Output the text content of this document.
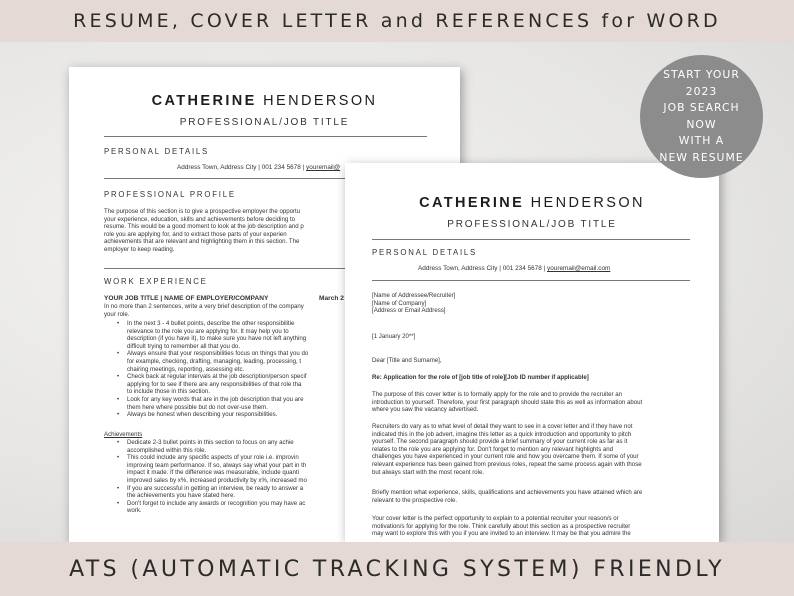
RESUME, COVER LETTER and REFERENCES for WORD
CATHERINE HENDERSON
PROFESSIONAL/JOB TITLE
PERSONAL DETAILS
Address Town, Address City | 001 234 5678 | youremail@
PROFESSIONAL PROFILE
The purpose of this section is to give a prospective employer the opportu
your experience, education, skills and achievements before deciding to
resume. This would be a good moment to look at the job description and p
role you are applying for, and to extract those parts of your experien
achievements that are relevant and highlighting them in this section. The
employer to keep reading.
WORK EXPERIENCE
YOUR JOB TITLE | NAME OF EMPLOYER/COMPANY	March 2
In no more than 2 sentences, write a very brief description of the company
your role.
• In the next 3 - 4 bullet points, describe the other responsibilitie
relevance to the role you are applying for. It may help you to
description (if you have it), to make sure you have not left anything
difficult trying to remember all that you do.
• Always ensure that your responsibilities focus on things that you do
for example, checking, drafting, managing, leading, processing, t
chairing meetings, reporting, assessing etc.
• Check back at regular intervals at the job description/person specif
applying for to see if there are any responsibilities of that role tha
to include those in this section.
• Look for any key words that are in the job description that you are
them here where possible but do not over-use them.
• Always be honest when describing your responsibilities.
Achievements
• Dedicate 2-3 bullet points in this section to focus on any achie
accomplished within this role.
• This could include any specific aspects of your role i.e. improvin
improving team performance. If so, always say what your part in th
impact it made. If the difference was measurable, include quanti
improved sales by x%, increased productivity by x%, increased mo
• If you are successful in getting an interview, be ready to answer a
the achievements you have stated here.
• Don't forget to include any awards or recognition you may have ac
work.
CATHERINE HENDERSON
PROFESSIONAL/JOB TITLE
PERSONAL DETAILS
Address Town, Address City | 001 234 5678 | youremail@email.com
[Name of Addressee/Recruiter]
[Name of Company]
[Address or Email Address]
[1 January 20**]
Dear [Title and Surname],
Re: Application for the role of [job title of role][Job ID number if applicable]
The purpose of this cover letter is to formally apply for the role and to provide the recruiter an
introduction to yourself. Therefore, your first paragraph should state this as well as information about
where you saw the vacancy advertised.
Recruiters do vary as to what level of detail they want to see in a cover letter and if they have not
indicated this in the job advert, imagine this letter as a quick introduction and opportunity to pitch
yourself. The second paragraph should provide a brief summary of your current role as far as it
relates to the role you are applying for. Don't forget to mention any relevant highlights and
challenges you have experienced in your current role and how you overcame them. If some of your
relevant experience has been gained from previous roles, repeat the same process again with those
but always start with the most recent role.
Briefly mention what experience, skills, qualifications and achievements you have attained which are
relevant to the prospective role.
Your cover letter is the perfect opportunity to explain to a potential recruiter your reason/s or
motivation/s for applying for the role. Think carefully about this section as a prospective recruiter
may want to explore this with you if you are invited to an interview. It may be that you admire the
START YOUR
2023
JOB SEARCH
NOW
WITH A
NEW RESUME
ATS (AUTOMATIC TRACKING SYSTEM) FRIENDLY
